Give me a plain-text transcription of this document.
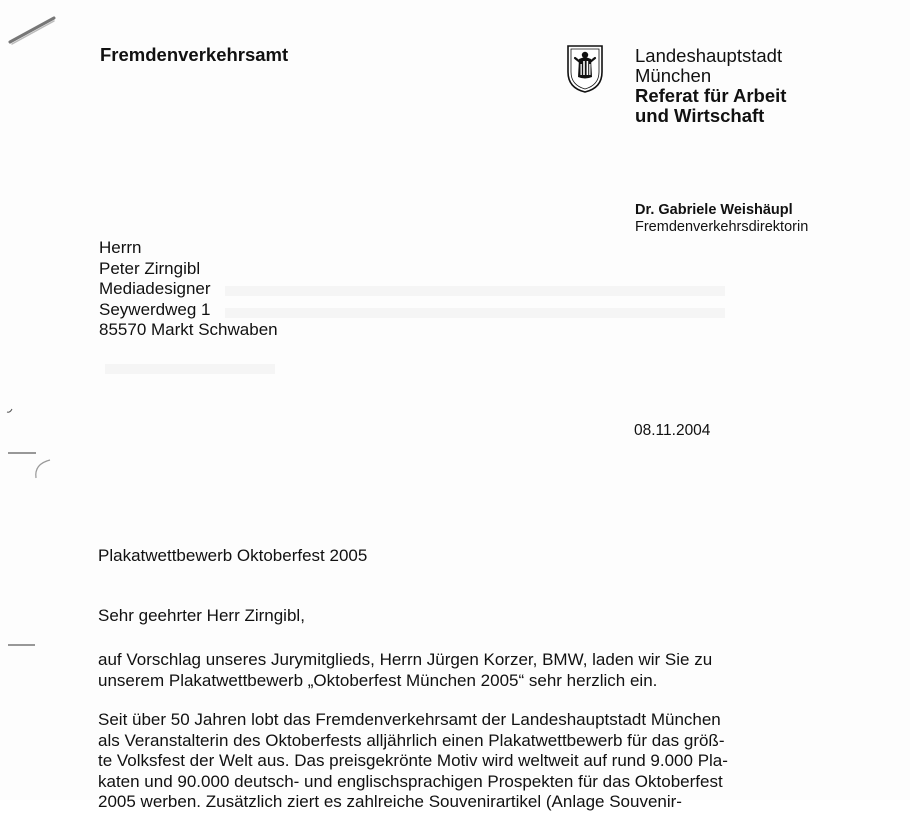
Fremdenverkehrsamt	Landeshauptstadt
München
Referat für Arbeit
und Wirtschaft
Dr. Gabriele Weishäupl
Fremdenverkehrsdirektorin
Herrn
Peter Zirngibl
Mediadesigner
Seywerdweg 1
85570 Markt Schwaben
08.11.2004
Plakatwettbewerb Oktoberfest 2005
Sehr geehrter Herr Zirngibl,
auf Vorschlag unseres Jurymitglieds, Herrn Jürgen Korzer, BMW, laden wir Sie zu
unserem Plakatwettbewerb „Oktoberfest München 2005“ sehr herzlich ein.
Seit über 50 Jahren lobt das Fremdenverkehrsamt der Landeshauptstadt München
als Veranstalterin des Oktoberfests alljährlich einen Plakatwettbewerb für das größ-
te Volksfest der Welt aus. Das preisgekrönte Motiv wird weltweit auf rund 9.000 Pla-
katen und 90.000 deutsch- und englischsprachigen Prospekten für das Oktoberfest
2005 werben. Zusätzlich ziert es zahlreiche Souvenirartikel (Anlage Souvenir-
